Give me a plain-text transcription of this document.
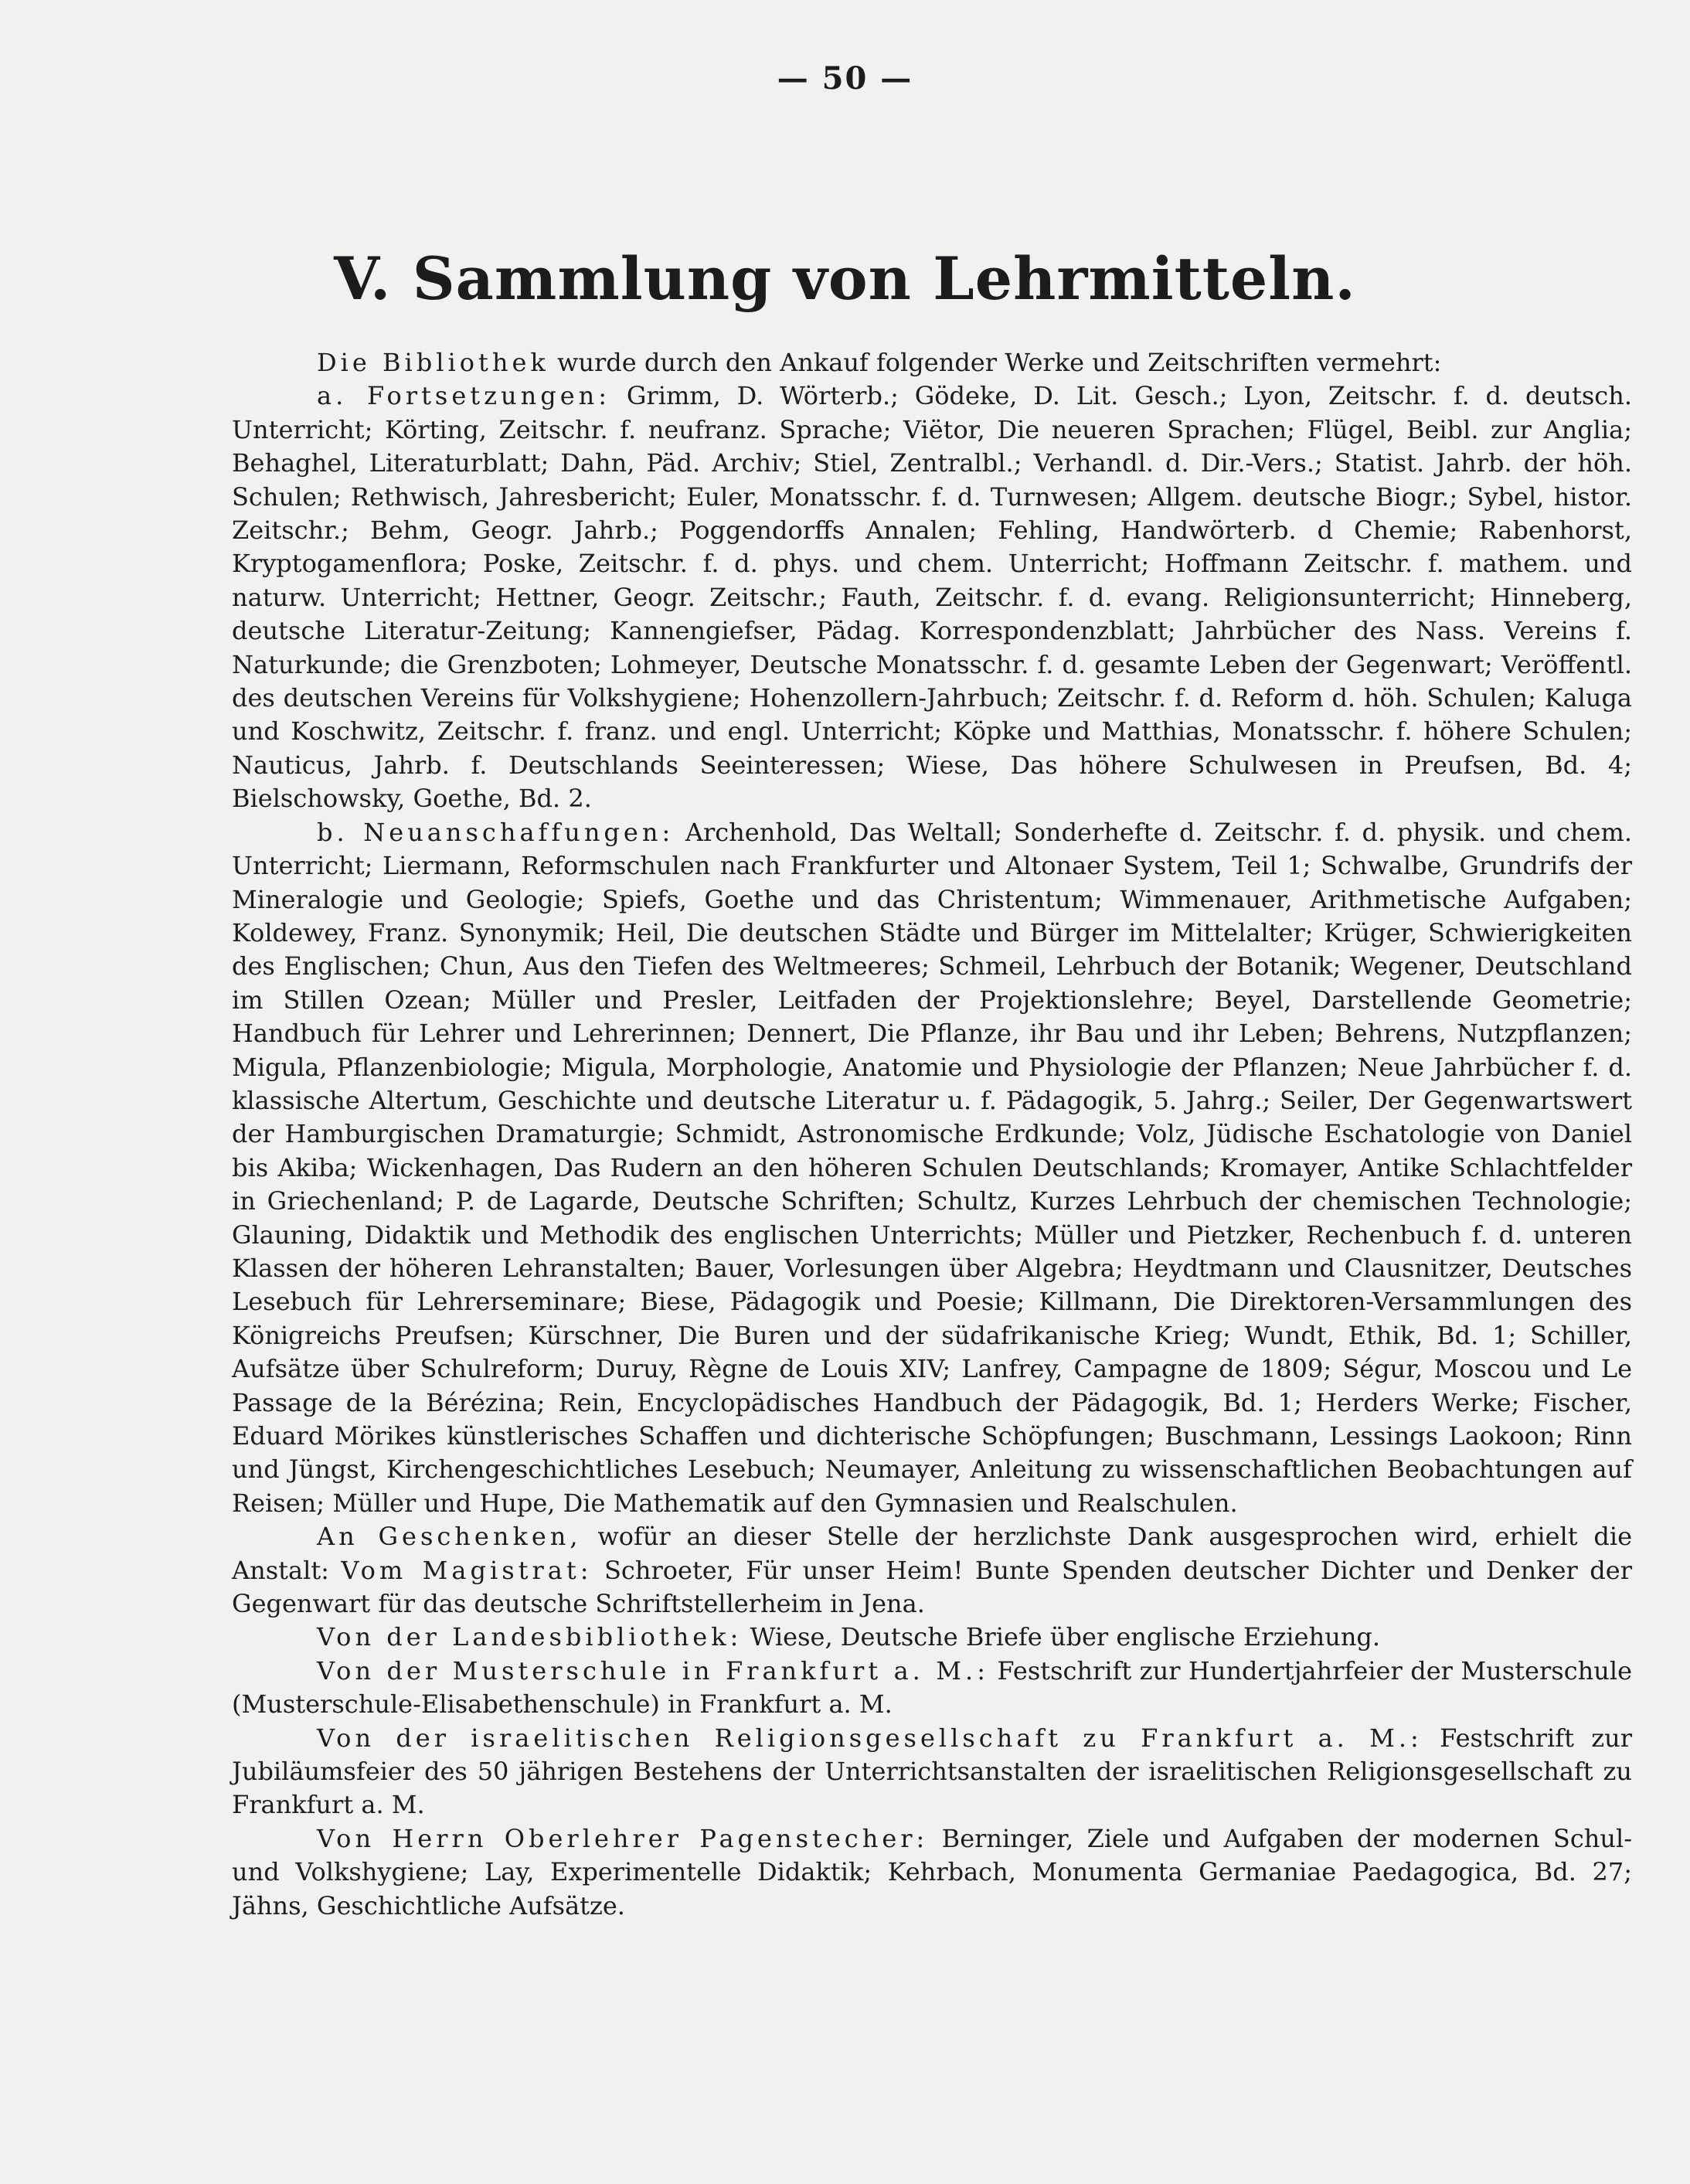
— 50 —
V. Sammlung von Lehrmitteln.

Die Bibliothek wurde durch den Ankauf folgender Werke und Zeitschriften vermehrt:

a. Fortsetzungen: Grimm, D. Wörterb.; Gödeke, D. Lit. Gesch.; Lyon, Zeitschr. f. d. deutsch. Unterricht; Körting, Zeitschr. f. neufranz. Sprache; Viëtor, Die neueren Sprachen; Flügel, Beibl. zur Anglia; Behaghel, Literaturblatt; Dahn, Päd. Archiv; Stiel, Zentralbl.; Verhandl. d. Dir.-Vers.; Statist. Jahrb. der höh. Schulen; Rethwisch, Jahresbericht; Euler, Monatsschr. f. d. Turnwesen; Allgem. deutsche Biogr.; Sybel, histor. Zeitschr.; Behm, Geogr. Jahrb.; Poggendorffs Annalen; Fehling, Handwörterb. d Chemie; Rabenhorst, Kryptogamenflora; Poske, Zeitschr. f. d. phys. und chem. Unterricht; Hoffmann Zeitschr. f. mathem. und naturw. Unterricht; Hettner, Geogr. Zeitschr.; Fauth, Zeitschr. f. d. evang. Religionsunterricht; Hinneberg, deutsche Literatur-Zeitung; Kannengiefser, Pädag. Korrespondenzblatt; Jahrbücher des Nass. Vereins f. Naturkunde; die Grenzboten; Lohmeyer, Deutsche Monatsschr. f. d. gesamte Leben der Gegenwart; Veröffentl. des deutschen Vereins für Volkshygiene; Hohenzollern-Jahrbuch; Zeitschr. f. d. Reform d. höh. Schulen; Kaluga und Koschwitz, Zeitschr. f. franz. und engl. Unterricht; Köpke und Matthias, Monatsschr. f. höhere Schulen; Nauticus, Jahrb. f. Deutschlands Seeinteressen; Wiese, Das höhere Schulwesen in Preufsen, Bd. 4; Bielschowsky, Goethe, Bd. 2.

b. Neuanschaffungen: Archenhold, Das Weltall; Sonderhefte d. Zeitschr. f. d. physik. und chem. Unterricht; Liermann, Reformschulen nach Frankfurter und Altonaer System, Teil 1; Schwalbe, Grundrifs der Mineralogie und Geologie; Spiefs, Goethe und das Christentum; Wimmenauer, Arithmetische Aufgaben; Koldewey, Franz. Synonymik; Heil, Die deutschen Städte und Bürger im Mittelalter; Krüger, Schwierigkeiten des Englischen; Chun, Aus den Tiefen des Weltmeeres; Schmeil, Lehrbuch der Botanik; Wegener, Deutschland im Stillen Ozean; Müller und Presler, Leitfaden der Projektionslehre; Beyel, Darstellende Geometrie; Handbuch für Lehrer und Lehrerinnen; Dennert, Die Pflanze, ihr Bau und ihr Leben; Behrens, Nutzpflanzen; Migula, Pflanzenbiologie; Migula, Morphologie, Anatomie und Physiologie der Pflanzen; Neue Jahrbücher f. d. klassische Altertum, Geschichte und deutsche Literatur u. f. Pädagogik, 5. Jahrg.; Seiler, Der Gegenwartswert der Hamburgischen Dramaturgie; Schmidt, Astronomische Erdkunde; Volz, Jüdische Eschatologie von Daniel bis Akiba; Wickenhagen, Das Rudern an den höheren Schulen Deutschlands; Kromayer, Antike Schlachtfelder in Griechenland; P. de Lagarde, Deutsche Schriften; Schultz, Kurzes Lehrbuch der chemischen Technologie; Glauning, Didaktik und Methodik des englischen Unterrichts; Müller und Pietzker, Rechenbuch f. d. unteren Klassen der höheren Lehranstalten; Bauer, Vorlesungen über Algebra; Heydtmann und Clausnitzer, Deutsches Lesebuch für Lehrerseminare; Biese, Pädagogik und Poesie; Killmann, Die Direktoren-Versammlungen des Königreichs Preufsen; Kürschner, Die Buren und der südafrikanische Krieg; Wundt, Ethik, Bd. 1; Schiller, Aufsätze über Schulreform; Duruy, Règne de Louis XIV; Lanfrey, Campagne de 1809; Ségur, Moscou und Le Passage de la Bérézina; Rein, Encyclopädisches Handbuch der Pädagogik, Bd. 1; Herders Werke; Fischer, Eduard Mörikes künstlerisches Schaffen und dichterische Schöpfungen; Buschmann, Lessings Laokoon; Rinn und Jüngst, Kirchengeschichtliches Lesebuch; Neumayer, Anleitung zu wissenschaftlichen Beobachtungen auf Reisen; Müller und Hupe, Die Mathematik auf den Gymnasien und Realschulen.

An Geschenken, wofür an dieser Stelle der herzlichste Dank ausgesprochen wird, erhielt die Anstalt: Vom Magistrat: Schroeter, Für unser Heim! Bunte Spenden deutscher Dichter und Denker der Gegenwart für das deutsche Schriftstellerheim in Jena.

Von der Landesbibliothek: Wiese, Deutsche Briefe über englische Erziehung.

Von der Musterschule in Frankfurt a. M.: Festschrift zur Hundertjahrfeier der Musterschule (Musterschule-Elisabethenschule) in Frankfurt a. M.

Von der israelitischen Religionsgesellschaft zu Frankfurt a. M.: Festschrift zur Jubiläumsfeier des 50 jährigen Bestehens der Unterrichtsanstalten der israelitischen Religionsgesellschaft zu Frankfurt a. M.

Von Herrn Oberlehrer Pagenstecher: Berninger, Ziele und Aufgaben der modernen Schul- und Volkshygiene; Lay, Experimentelle Didaktik; Kehrbach, Monumenta Germaniae Paedagogica, Bd. 27; Jähns, Geschichtliche Aufsätze.
